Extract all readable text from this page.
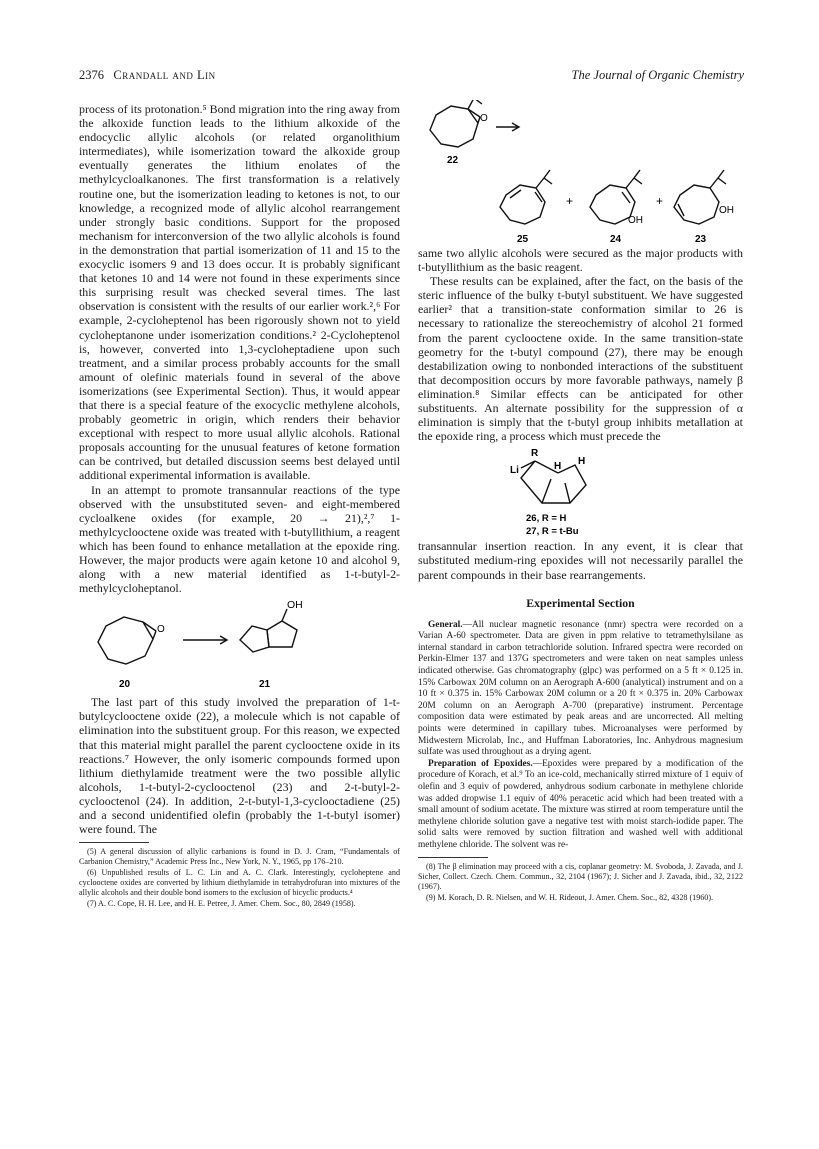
2376 Crandall and Lin	The Journal of Organic Chemistry

process of its protonation.⁵ Bond migration into the ring away from the alkoxide function leads to the lithium alkoxide of the endocyclic allylic alcohols (or related organolithium intermediates), while isomerization toward the alkoxide group eventually generates the lithium enolates of the methylcycloalkanones. The first transformation is a relatively routine one, but the isomerization leading to ketones is not, to our knowledge, a recognized mode of allylic alcohol rearrangement under strongly basic conditions. Support for the proposed mechanism for interconversion of the two allylic alcohols is found in the demonstration that partial isomerization of 11 and 15 to the exocyclic isomers 9 and 13 does occur. It is probably significant that ketones 10 and 14 were not found in these experiments since this surprising result was checked several times. The last observation is consistent with the results of our earlier work.²,⁶ For example, 2-cycloheptenol has been rigorously shown not to yield cycloheptanone under isomerization conditions.² 2-Cycloheptenol is, however, converted into 1,3-cycloheptadiene upon such treatment, and a similar process probably accounts for the small amount of olefinic materials found in several of the above isomerizations (see Experimental Section). Thus, it would appear that there is a special feature of the exocyclic methylene alcohols, probably geometric in origin, which renders their behavior exceptional with respect to more usual allylic alcohols. Rational proposals accounting for the unusual features of ketone formation can be contrived, but detailed discussion seems best delayed until additional experimental information is available.

In an attempt to promote transannular reactions of the type observed with the unsubstituted seven- and eight-membered cycloalkene oxides (for example, 20 → 21),²,⁷ 1-methylcyclooctene oxide was treated with t-butyllithium, a reagent which has been found to enhance metallation at the epoxide ring. However, the major products were again ketone 10 and alcohol 9, along with a new material identified as 1-t-butyl-2-methylcycloheptanol.

O
OH
20	21

The last part of this study involved the preparation of 1-t-butylcyclooctene oxide (22), a molecule which is not capable of elimination into the substituent group. For this reason, we expected that this material might parallel the parent cyclooctene oxide in its reactions.⁷ However, the only isomeric compounds formed upon lithium diethylamide treatment were the two possible allylic alcohols, 1-t-butyl-2-cyclooctenol (23) and 2-t-butyl-2-cyclooctenol (24). In addition, 2-t-butyl-1,3-cyclooctadiene (25) and a second unidentified olefin (probably the 1-t-butyl isomer) were found. The

(5) A general discussion of allylic carbanions is found in D. J. Cram, “Fundamentals of Carbanion Chemistry,” Academic Press Inc., New York, N. Y., 1965, pp 176–210.

(6) Unpublished results of L. C. Lin and A. C. Clark. Interestingly, cycloheptene and cyclooctene oxides are converted by lithium diethylamide in tetrahydrofuran into mixtures of the allylic alcohols and their double bond isomers to the exclusion of bicyclic products.⁴

(7) A. C. Cope, H. H. Lee, and H. E. Petree, J. Amer. Chem. Soc., 80, 2849 (1958).

O
22
+	+
OH
OH
25	24	23

same two allylic alcohols were secured as the major products with t-butyllithium as the basic reagent.

These results can be explained, after the fact, on the basis of the steric influence of the bulky t-butyl substituent. We have suggested earlier² that a transition-state conformation similar to 26 is necessary to rationalize the stereochemistry of alcohol 21 formed from the parent cyclooctene oxide. In the same transition-state geometry for the t-butyl compound (27), there may be enough destabilization owing to nonbonded interactions of the substituent that decomposition occurs by more favorable pathways, namely β elimination.⁸ Similar effects can be anticipated for other substituents. An alternate possibility for the suppression of α elimination is simply that the t-butyl group inhibits metallation at the epoxide ring, a process which must precede the

R
Li	H H
26, R = H
27, R = t-Bu

transannular insertion reaction. In any event, it is clear that substituted medium-ring epoxides will not necessarily parallel the parent compounds in their base rearrangements.

Experimental Section

General.—All nuclear magnetic resonance (nmr) spectra were recorded on a Varian A-60 spectrometer. Data are given in ppm relative to tetramethylsilane as internal standard in carbon tetrachloride solution. Infrared spectra were recorded on Perkin-Elmer 137 and 137G spectrometers and were taken on neat samples unless indicated otherwise. Gas chromatography (glpc) was performed on a 5 ft × 0.125 in. 15% Carbowax 20M column on an Aerograph A-600 (analytical) instrument and on a 10 ft × 0.375 in. 15% Carbowax 20M column or a 20 ft × 0.375 in. 20% Carbowax 20M column on an Aerograph A-700 (preparative) instrument. Percentage composition data were estimated by peak areas and are uncorrected. All melting points were determined in capillary tubes. Microanalyses were performed by Midwestern Microlab, Inc., and Huffman Laboratories, Inc. Anhydrous magnesium sulfate was used throughout as a drying agent.

Preparation of Epoxides.—Epoxides were prepared by a modification of the procedure of Korach, et al.⁹ To an ice-cold, mechanically stirred mixture of 1 equiv of olefin and 3 equiv of powdered, anhydrous sodium carbonate in methylene chloride was added dropwise 1.1 equiv of 40% peracetic acid which had been treated with a small amount of sodium acetate. The mixture was stirred at room temperature until the methylene chloride solution gave a negative test with moist starch-iodide paper. The solid salts were removed by suction filtration and washed well with additional methylene chloride. The solvent was re-

(8) The β elimination may proceed with a cis, coplanar geometry: M. Svoboda, J. Zavada, and J. Sicher, Collect. Czech. Chem. Commun., 32, 2104 (1967); J. Sicher and J. Zavada, ibid., 32, 2122 (1967).

(9) M. Korach, D. R. Nielsen, and W. H. Rideout, J. Amer. Chem. Soc., 82, 4328 (1960).
